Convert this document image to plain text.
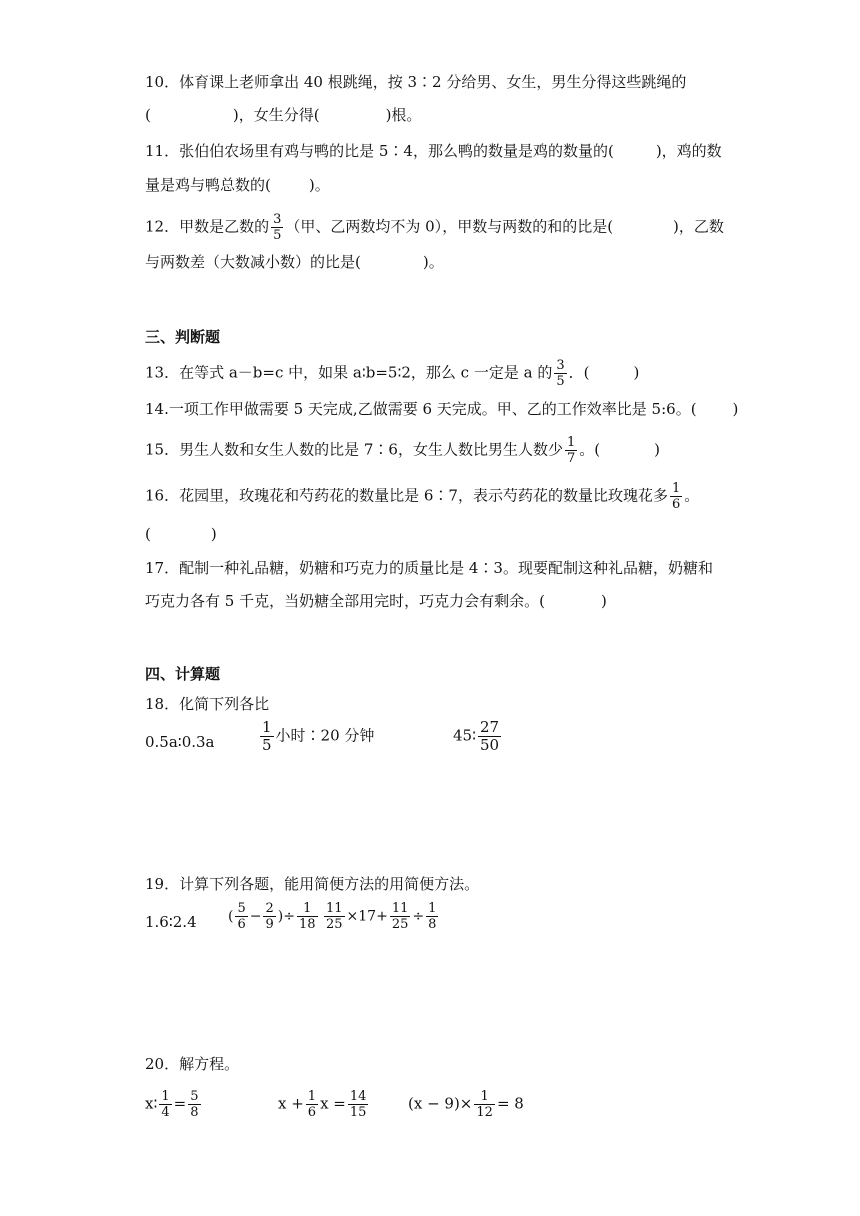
10．体育课上老师拿出 40 根跳绳，按 3∶2 分给男、女生，男生分得这些跳绳的
(	)，女生分得(	)根。
11．张伯伯农场里有鸡与鸭的比是 5∶4，那么鸭的数量是鸡的数量的(	)，鸡的数
量是鸡与鸭总数的(	)。
12．甲数是乙数的 $\frac{3}{5}$ （甲、乙两数均不为 0），甲数与两数的和的比是(	)，乙数
与两数差（大数减小数）的比是(	)。
三、判断题
13．在等式 a－b=c 中，如果 a∶b=5∶2，那么 c 一定是 a 的 $\frac{3}{5}$ ．(	)
14.一项工作甲做需要 5 天完成,乙做需要 6 天完成。甲、乙的工作效率比是 5:6。( )
15．男生人数和女生人数的比是 7∶6，女生人数比男生人数少 $\frac{1}{7}$ 。(	)
16．花园里，玫瑰花和芍药花的数量比是 6∶7，表示芍药花的数量比玫瑰花多 $\frac{1}{6}$ 。
(	)
17．配制一种礼品糖，奶糖和巧克力的质量比是 4∶3。现要配制这种礼品糖，奶糖和
巧克力各有 5 千克，当奶糖全部用完时，巧克力会有剩余。(	)
四、计算题
18．化简下列各比
0.5a∶0.3a	$\frac{1}{5}$ 小时∶20 分钟	45∶ $\frac{27}{50}$
19．计算下列各题，能用简便方法的用简便方法。
1.6∶2.4 ( $\frac{5}{6} - \frac{2}{9}$ )÷ $\frac{1}{18} \frac{11}{25} \times 17+ \frac{11}{25} \div \frac{1}{8}$
20．解方程。
x∶ $\frac{1}{4} = \frac{5}{8}$	$x + \frac{1}{6}$ $x = \frac{14}{15}$	$(x - 9)\times \frac{1}{12} = 8$
